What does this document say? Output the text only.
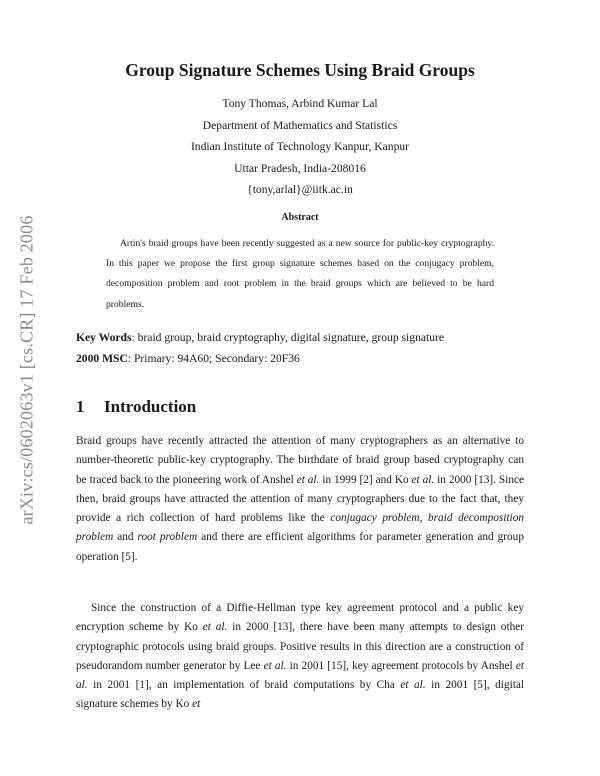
arXiv:cs/0602063v1 [cs.CR] 17 Feb 2006
Group Signature Schemes Using Braid Groups
Tony Thomas, Arbind Kumar Lal
Department of Mathematics and Statistics
Indian Institute of Technology Kanpur, Kanpur
Uttar Pradesh, India-208016
{tony,arlal}@iitk.ac.in
Abstract
Artin's braid groups have been recently suggested as a new source for public-key cryptography. In this paper we propose the first group signature schemes based on the conjugacy problem, decomposition problem and root problem in the braid groups which are believed to be hard problems.
Key Words: braid group, braid cryptography, digital signature, group signature
2000 MSC: Primary: 94A60; Secondary: 20F36
1 Introduction
Braid groups have recently attracted the attention of many cryptographers as an alternative to number-theoretic public-key cryptography. The birthdate of braid group based cryptography can be traced back to the pioneering work of Anshel et al. in 1999 [2] and Ko et al. in 2000 [13]. Since then, braid groups have attracted the attention of many cryptographers due to the fact that, they provide a rich collection of hard problems like the conjugacy problem, braid decomposition problem and root problem and there are efficient algorithms for parameter generation and group operation [5].
Since the construction of a Diffie-Hellman type key agreement protocol and a public key encryption scheme by Ko et al. in 2000 [13], there have been many attempts to design other cryptographic protocols using braid groups. Positive results in this direction are a construction of pseudorandom number generator by Lee et al. in 2001 [15], key agreement protocols by Anshel et al. in 2001 [1], an implementation of braid computations by Cha et al. in 2001 [5], digital signature schemes by Ko et
